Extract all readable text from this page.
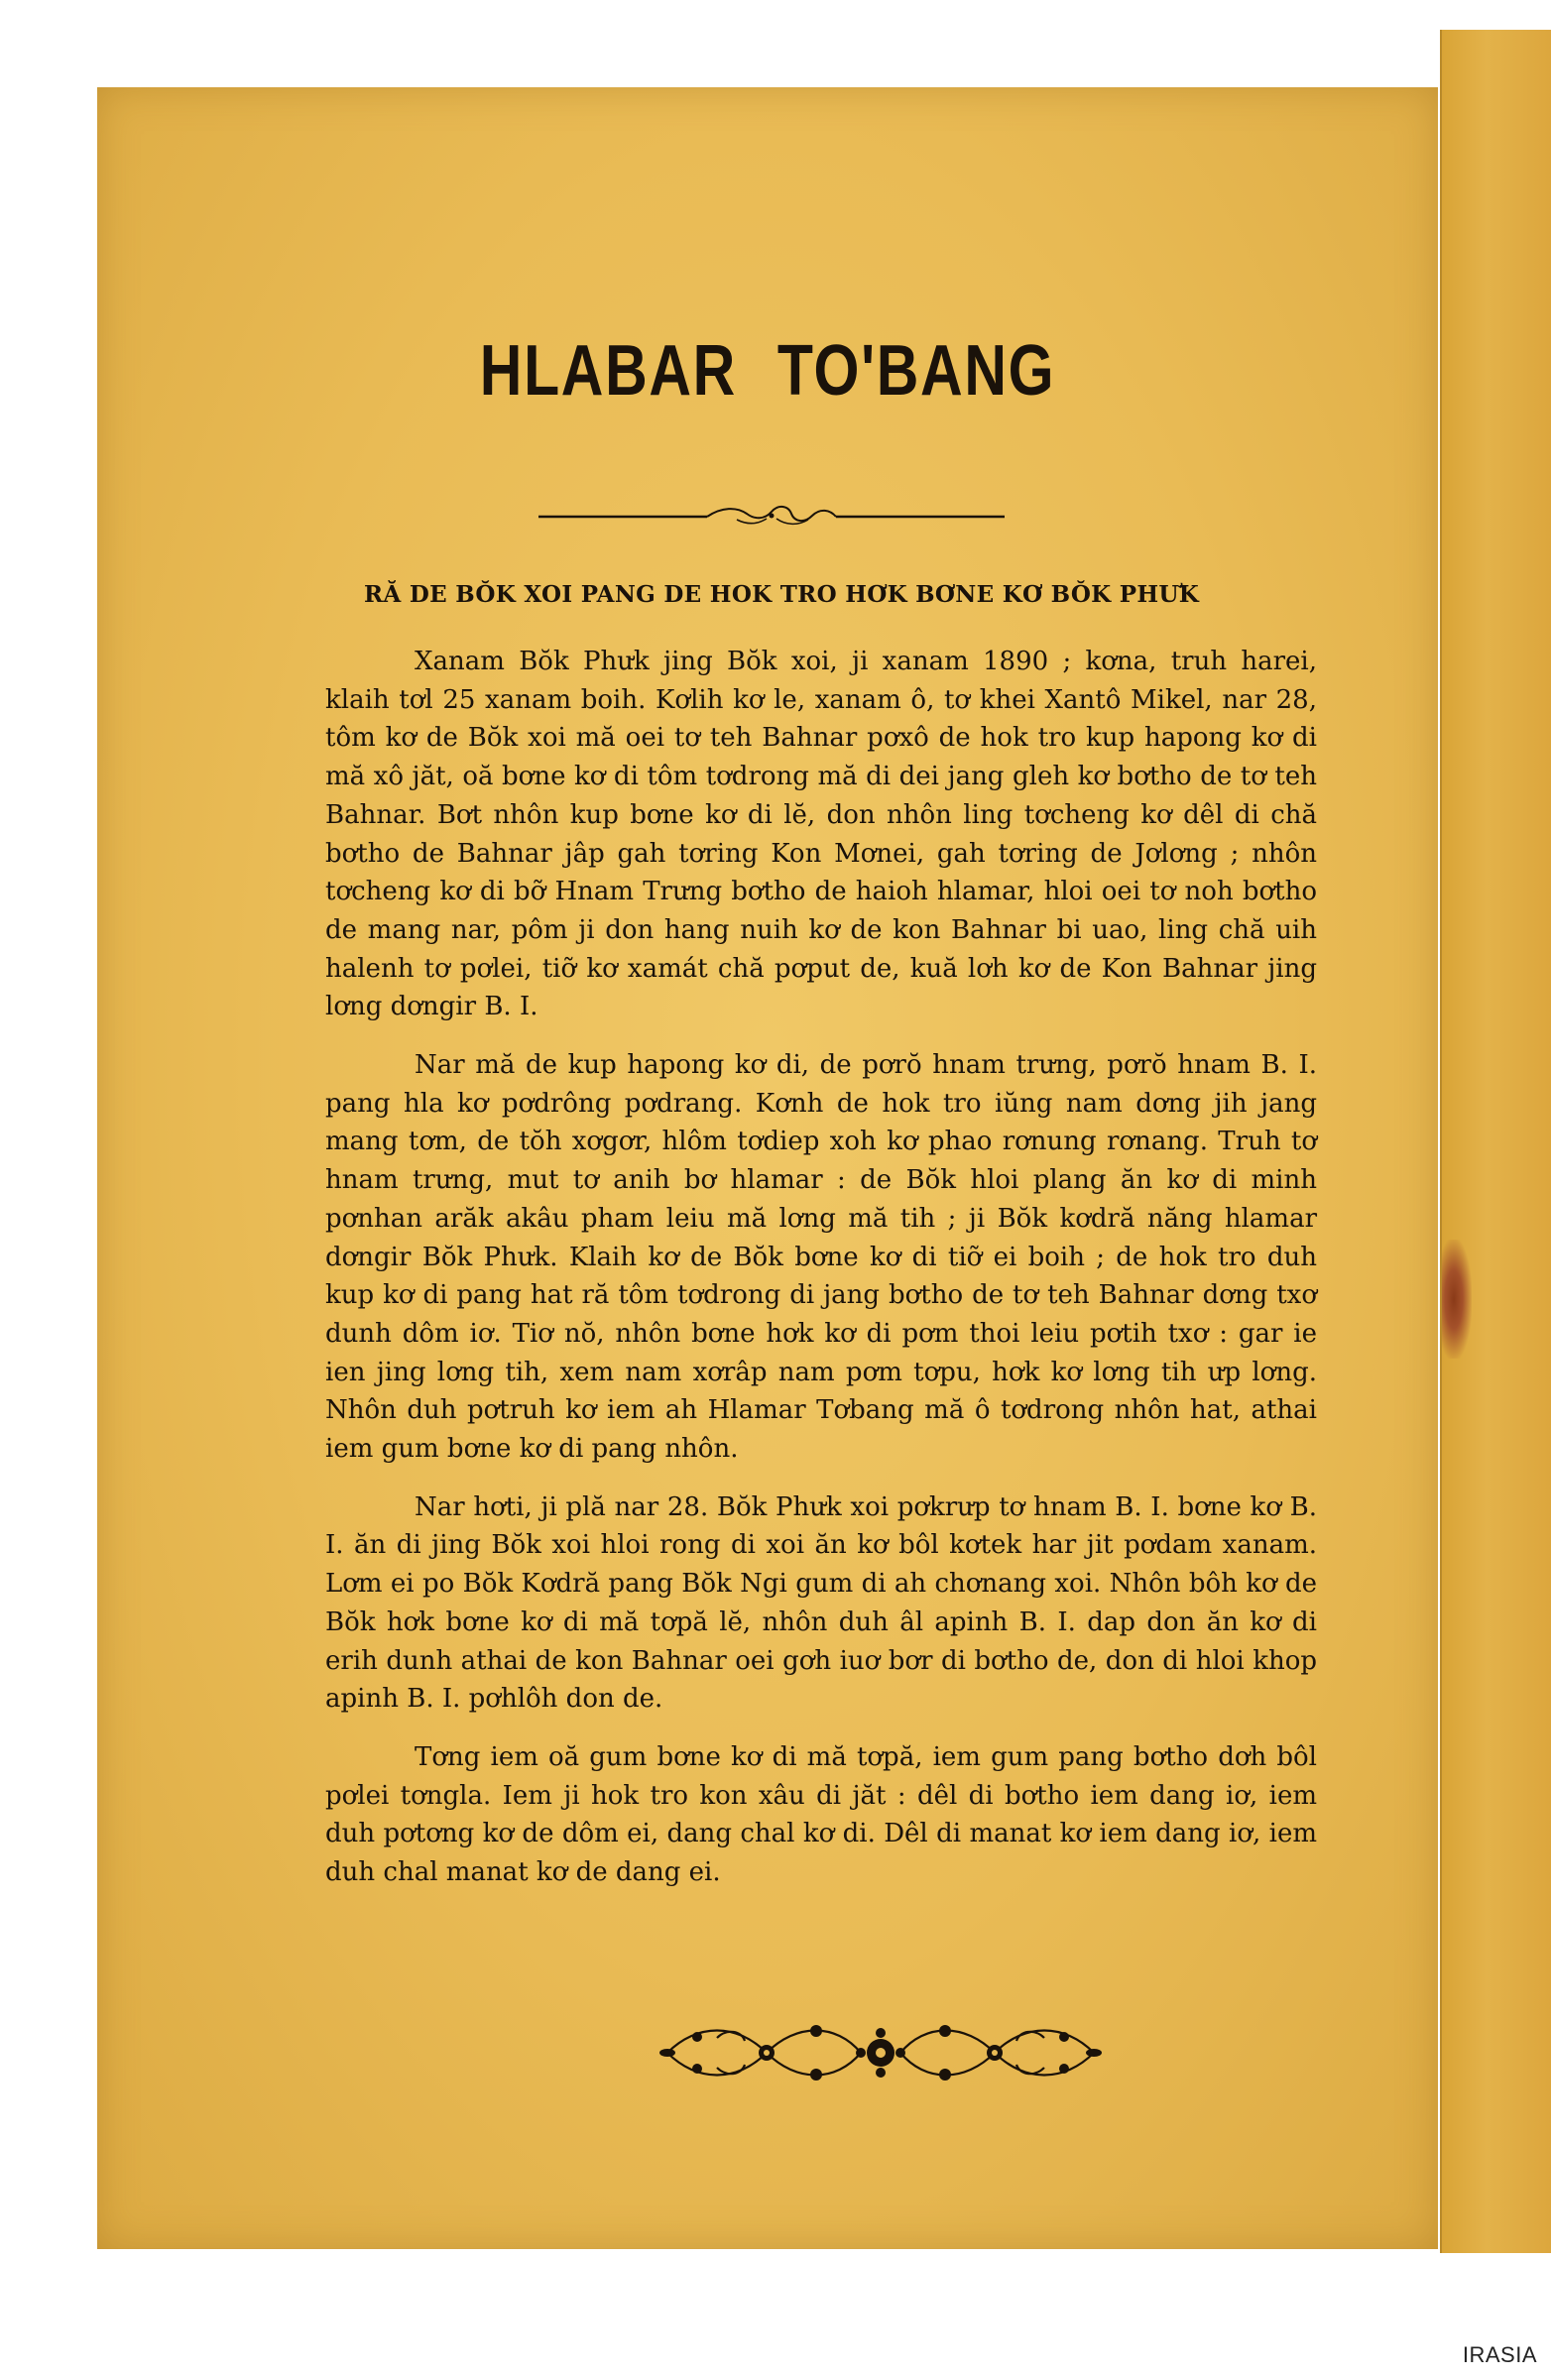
HLABAR TO'BANG
RĂ DE BŎK XOI PANG DE HOK TRO HƠK BƠNE KƠ BŎK PHƯK

Xanam Bŏk Phưk jing Bŏk xoi, ji xanam 1890 ; kơna, truh harei, klaih tơl 25 xanam boih. Kơlih kơ le, xanam ô, tơ khei Xantô Mikel, nar 28, tôm kơ de Bŏk xoi mă oei tơ teh Bahnar pơxô de hok tro kup hapong kơ di mă xô jăt, oă bơne kơ di tôm tơdrong mă di dei jang gleh kơ bơtho de tơ teh Bahnar. Bơt nhôn kup bơne kơ di lĕ, don nhôn ling tơcheng kơ dêl di chă bơtho de Bahnar jâp gah tơring Kon Mơnei, gah tơring de Jơlơng ; nhôn tơcheng kơ di bỡ Hnam Trưng bơtho de haioh hlamar, hloi oei tơ noh bơtho de mang nar, pôm ji don hang nuih kơ de kon Bahnar bi uao, ling chă uih halenh tơ pơlei, tiỡ kơ xamát chă pơput de, kuă lơh kơ de Kon Bahnar jing lơng dơngir B. I.

Nar mă de kup hapong kơ di, de pơrŏ hnam trưng, pơrŏ hnam B. I. pang hla kơ pơdrông pơdrang. Kơnh de hok tro iŭng nam dơng jih jang mang tơm, de tŏh xơgơr, hlôm tơdiep xoh kơ phao rơnung rơnang. Truh tơ hnam trưng, mut tơ anih bơ hlamar : de Bŏk hloi plang ăn kơ di minh pơnhan arăk akâu pham leiu mă lơng mă tih ; ji Bŏk kơdră năng hlamar dơngir Bŏk Phưk. Klaih kơ de Bŏk bơne kơ di tiỡ ei boih ; de hok tro duh kup kơ di pang hat ră tôm tơdrong di jang bơtho de tơ teh Bahnar dơng txơ dunh dôm iơ. Tiơ nŏ, nhôn bơne hơk kơ di pơm thoi leiu pơtih txơ : gar ie ien jing lơng tih, xem nam xơrâp nam pơm tơpu, hơk kơ lơng tih ưp lơng. Nhôn duh pơtruh kơ iem ah Hlamar Tơbang mă ô tơdrong nhôn hat, athai iem gum bơne kơ di pang nhôn.

Nar hơti, ji plă nar 28. Bŏk Phưk xoi pơkrưp tơ hnam B. I. bơne kơ B. I. ăn di jing Bŏk xoi hloi rong di xoi ăn kơ bôl kơtek har jit pơdam xanam. Lơm ei po Bŏk Kơdră pang Bŏk Ngi gum di ah chơnang xoi. Nhôn bôh kơ de Bŏk hơk bơne kơ di mă tơpă lĕ, nhôn duh âl apinh B. I. dap don ăn kơ di erih dunh athai de kon Bahnar oei gơh iuơ bơr di bơtho de, don di hloi khop apinh B. I. pơhlôh don de.

Tơng iem oă gum bơne kơ di mă tơpă, iem gum pang bơtho dơh bôl pơlei tơngla. Iem ji hok tro kon xâu di jăt : dêl di bơtho iem dang iơ, iem duh pơtơng kơ de dôm ei, dang chal kơ di. Dêl di manat kơ iem dang iơ, iem duh chal manat kơ de dang ei.

IRASIA
